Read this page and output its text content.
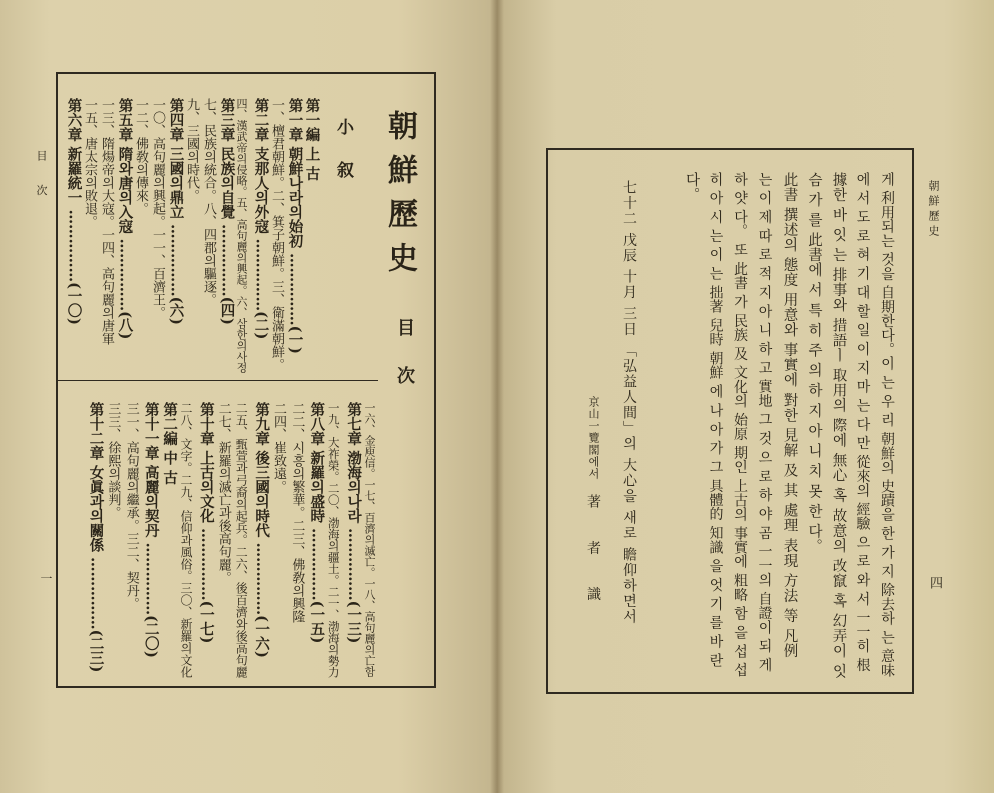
目 次
一
朝鮮歷史
目 次
小 叙
第一編 上 古
第一章 朝鮮나라의始初 ……………(一)
一、檀君朝鮮。二、箕子朝鮮。三、衛滿朝鮮。
第二章 支那人의外寇 ……………(二)
四、漢武帝의侵略。五、高句麗의興起。六、삼한의사정
第三章 民族의自覺 ……………(四)
七、民族의統合。八、四郡의驅逐。
九、三國의時代。
第四章 三國의鼎立 ……………(六)
一〇、高句麗의興起。一一、百濟王。
一二、佛敎의傳來。
第五章 隋와唐의入寇 ……………(八)
一三、隋煬帝의大寇。一四、高句麗의唐軍
一五、唐太宗의敗退。
第六章 新羅統一 ……………(一〇)
一六、金庾信。一七、百濟의滅亡。一八、高句麗의亡함
第七章 渤海의나라 ……………(一三)
一九、大祚榮。二〇、渤海의疆土。二一、渤海의勢力
第八章 新羅의盛時 ……………(一五)
二二、시흥의繁華。二三、佛敎의興隆
二四、崔致遠。
第九章 後三國의時代 ……………(一六)
二五、甄萱과弓裔의起兵。二六、後百濟와後高句麗
二七、新羅의滅亡과後高句麗。
第十章 上古의文化 ……………(一七)
二八、文字。二九、信仰과風俗。三〇、新羅의文化
第二編 中 古
第十一章 高麗의契丹 ……………(二〇)
三一、高句麗의繼承。三二、契丹。
三三、徐熙의談判。
第十二章 女眞과의關係 ……………(二三)
朝鮮歷史
四
게 利用되는 것을 自期한다。이 는 우 리 朝鮮의 史蹟을 한 가 지 除去하 는 意味
에 서 도 로 혀 기 대 할 일 이 지 마 는 다 만 從來의 經驗 으 로 와 서 一一히 根
據한 바 잇 는 排事와 措語ㅣ 取用의 際에 無心 혹 故意의 改竄 혹 幻弄이 잇
슴 가 를 此書에 서 특 히 주 의 하 지 아 니 치 못 한 다。
此書 撰述의 態度 用意와 事實에 對한 見解 及 其 處理 表現 方法 等 凡例
는 이 제 따 로 적 지 아 니 하 고 實地 그 것 으 로 하 야 곰 一一의 自證이 되 게
하 얏 다。 또 此書 가 民族 及 文化의 始原 期인 上古의 事實에 粗略 함 을 섭 섭
히 아 시 는 이 는 拙著 兒時 朝鮮 에 나 아 가 그 具體的 知識 을 엇 기 를 바 란
다。
七十二 戊辰 十月 三日 「弘益人間」의 大心을 새로 瞻仰하면서
京山一覽閣에서
著 者 識
